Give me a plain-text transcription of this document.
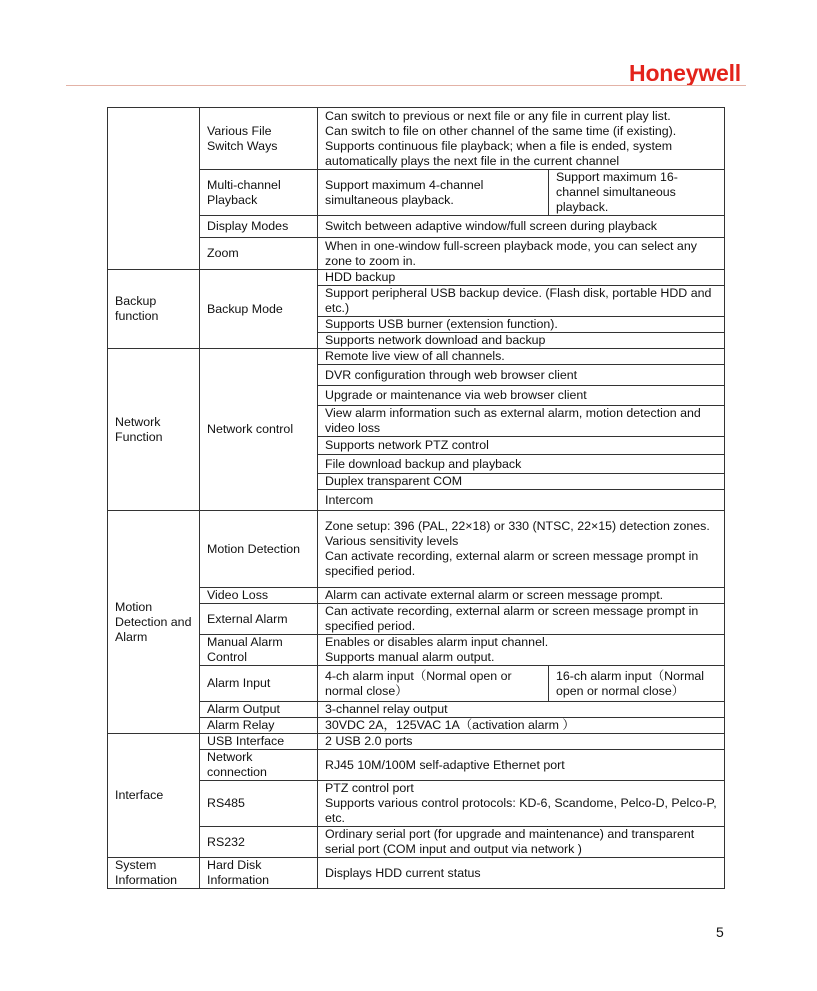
Honeywell
	Various File Switch Ways	Can switch to previous or next file or any file in current play list.
Can switch to file on other channel of the same time (if existing).
Supports continuous file playback; when a file is ended, system automatically plays the next file in the current channel	

	Multi-channel Playback	Support maximum 4-channel simultaneous playback.	Support maximum 16-channel simultaneous playback.
	Display Modes	Switch between adaptive window/full screen during playback	
	Zoom	When in one-window full-screen playback mode, you can select any zone to zoom in.	
Backup function	Backup Mode	HDD backup	
		Support peripheral USB backup device. (Flash disk, portable HDD and etc.)	
		Supports USB burner (extension function).	
		Supports network download and backup	
Network Function	Network control	Remote live view of all channels.	
		DVR configuration through web browser client	
		Upgrade or maintenance via web browser client	
		View alarm information such as external alarm, motion detection and video loss	
		Supports network PTZ control	
		File download backup and playback	
		Duplex transparent COM	
		Intercom	
Motion Detection and Alarm	Motion Detection	Zone setup: 396 (PAL, 22×18) or 330 (NTSC, 22×15) detection zones.
Various sensitivity levels
Can activate recording, external alarm or screen message prompt in specified period.	

	Video Loss	Alarm can activate external alarm or screen message prompt.	
	External Alarm	Can activate recording, external alarm or screen message prompt in specified period.	
	Manual Alarm Control	Enables or disables alarm input channel.
Supports manual alarm output.	

	Alarm Input	4-ch alarm input（Normal open or normal close）	16-ch alarm input（Normal open or normal close）
	Alarm Output	3-channel relay output	
	Alarm Relay	30VDC 2A，125VAC 1A（activation alarm ）	
Interface	USB Interface	2 USB 2.0 ports	
	Network connection	RJ45 10M/100M self-adaptive Ethernet port	
	RS485	PTZ control port
Supports various control protocols: KD-6, Scandome, Pelco-D, Pelco-P, etc.	

	RS232	Ordinary serial port (for upgrade and maintenance) and transparent serial port (COM input and output via network )	
System Information	Hard Disk Information	Displays HDD current status	
5
